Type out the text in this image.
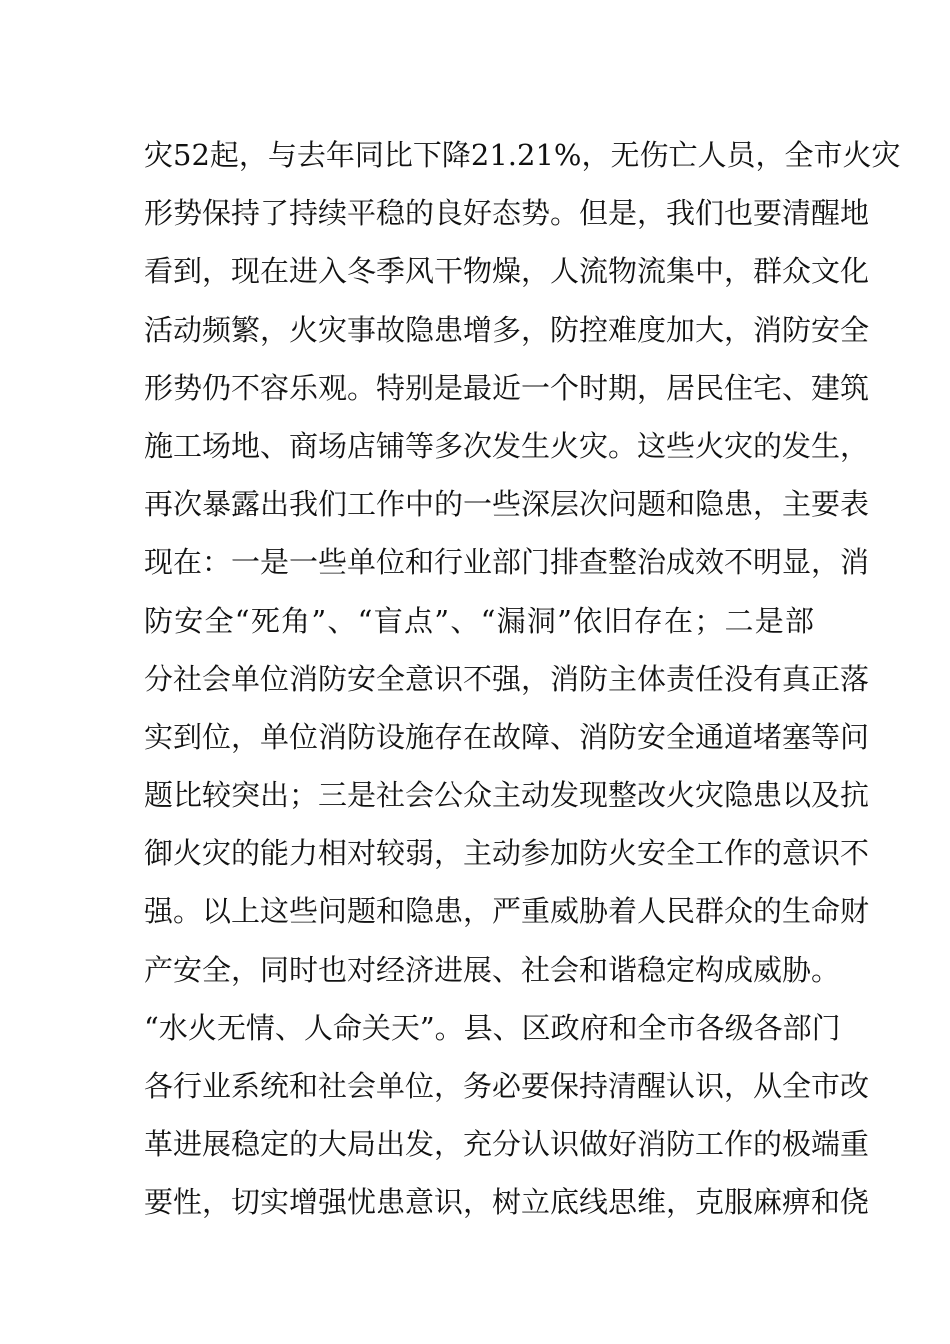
灾52起，与去年同比下降21.21%，无伤亡人员，全市火灾
形势保持了持续平稳的良好态势。但是，我们也要清醒地
看到，现在进入冬季风干物燥，人流物流集中，群众文化
活动频繁，火灾事故隐患增多，防控难度加大，消防安全
形势仍不容乐观。特别是最近一个时期，居民住宅、建筑
施工场地、商场店铺等多次发生火灾。这些火灾的发生，
再次暴露出我们工作中的一些深层次问题和隐患，主要表
现在：一是一些单位和行业部门排查整治成效不明显，消
防安全“死角”、“盲点”、“漏洞”依旧存在；二是部
分社会单位消防安全意识不强，消防主体责任没有真正落
实到位，单位消防设施存在故障、消防安全通道堵塞等问
题比较突出；三是社会公众主动发现整改火灾隐患以及抗
御火灾的能力相对较弱，主动参加防火安全工作的意识不
强。以上这些问题和隐患，严重威胁着人民群众的生命财
产安全，同时也对经济进展、社会和谐稳定构成威胁。
“水火无情、人命关天”。县、区政府和全市各级各部门
各行业系统和社会单位，务必要保持清醒认识，从全市改
革进展稳定的大局出发，充分认识做好消防工作的极端重
要性，切实增强忧患意识，树立底线思维，克服麻痹和侥
